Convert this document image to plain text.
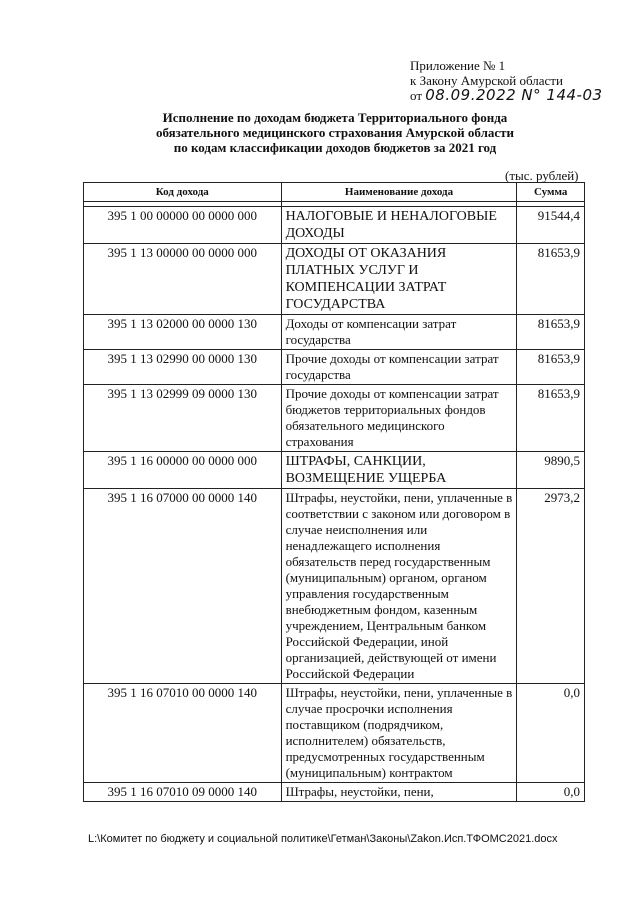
Приложение № 1
к Закону Амурской области
от 08.09.2022 N° 144-03
Исполнение по доходам бюджета Территориального фонда
обязательного медицинского страхования Амурской области
по кодам классификации доходов бюджетов за 2021 год
(тыс. рублей)
Код дохода	Наименование дохода	Сумма

395 1 00 00000 00 0000 000	НАЛОГОВЫЕ И НЕНАЛОГОВЫЕ ДОХОДЫ	91544,4
395 1 13 00000 00 0000 000	ДОХОДЫ ОТ ОКАЗАНИЯ ПЛАТНЫХ УСЛУГ И КОМПЕНСАЦИИ ЗАТРАТ ГОСУДАРСТВА	81653,9
395 1 13 02000 00 0000 130	Доходы от компенсации затрат государства	81653,9
395 1 13 02990 00 0000 130	Прочие доходы от компенсации затрат государства	81653,9
395 1 13 02999 09 0000 130	Прочие доходы от компенсации затрат бюджетов территориальных фондов обязательного медицинского страхования	81653,9
395 1 16 00000 00 0000 000	ШТРАФЫ, САНКЦИИ, ВОЗМЕЩЕНИЕ УЩЕРБА	9890,5
395 1 16 07000 00 0000 140	Штрафы, неустойки, пени, уплаченные в соответствии с законом или договором в случае неисполнения или ненадлежащего исполнения обязательств перед государственным (муниципальным) органом, органом управления государственным внебюджетным фондом, казенным учреждением, Центральным банком Российской Федерации, иной организацией, действующей от имени Российской Федерации	2973,2
395 1 16 07010 00 0000 140	Штрафы, неустойки, пени, уплаченные в случае просрочки исполнения поставщиком (подрядчиком, исполнителем) обязательств, предусмотренных государственным (муниципальным) контрактом	0,0
395 1 16 07010 09 0000 140	Штрафы, неустойки, пени,	0,0
L:\Комитет по бюджету и социальной политике\Гетман\Законы\Zakon.Исп.ТФОМС2021.docx
